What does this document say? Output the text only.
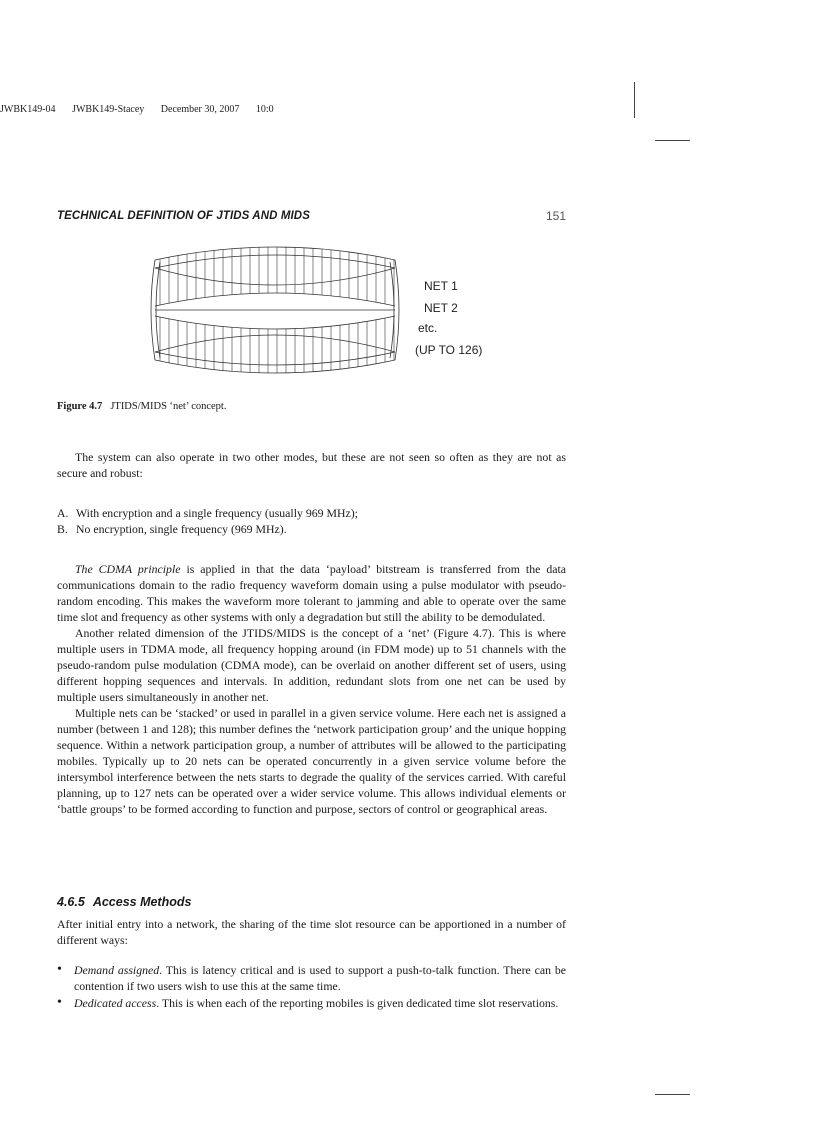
JWBK149-04 JWBK149-Stacey December 30, 2007 10:0
TECHNICAL DEFINITION OF JTIDS AND MIDS	151
NET 1
NET 2
etc.
(UP TO 126)
Figure 4.7 JTIDS/MIDS ‘net’ concept.

The system can also operate in two other modes, but these are not seen so often as they are not as secure and robust:

A. With encryption and a single frequency (usually 969 MHz);
B. No encryption, single frequency (969 MHz).

The CDMA principle is applied in that the data ‘payload’ bitstream is transferred from the data communications domain to the radio frequency waveform domain using a pulse modulator with pseudo-random encoding. This makes the waveform more tolerant to jamming and able to operate over the same time slot and frequency as other systems with only a degradation but still the ability to be demodulated.

Another related dimension of the JTIDS/MIDS is the concept of a ‘net’ (Figure 4.7). This is where multiple users in TDMA mode, all frequency hopping around (in FDM mode) up to 51 channels with the pseudo-random pulse modulation (CDMA mode), can be overlaid on another different set of users, using different hopping sequences and intervals. In addition, redundant slots from one net can be used by multiple users simultaneously in another net.

Multiple nets can be ‘stacked’ or used in parallel in a given service volume. Here each net is assigned a number (between 1 and 128); this number defines the ‘network participation group’ and the unique hopping sequence. Within a network participation group, a number of attributes will be allowed to the participating mobiles. Typically up to 20 nets can be operated concurrently in a given service volume before the intersymbol interference between the nets starts to degrade the quality of the services carried. With careful planning, up to 127 nets can be operated over a wider service volume. This allows individual elements or ‘battle groups’ to be formed according to function and purpose, sectors of control or geographical areas.

4.6.5 Access Methods

After initial entry into a network, the sharing of the time slot resource can be apportioned in a number of different ways:

•	Demand assigned. This is latency critical and is used to support a push-to-talk function. There can be contention if two users wish to use this at the same time.
•	Dedicated access. This is when each of the reporting mobiles is given dedicated time slot reservations.
